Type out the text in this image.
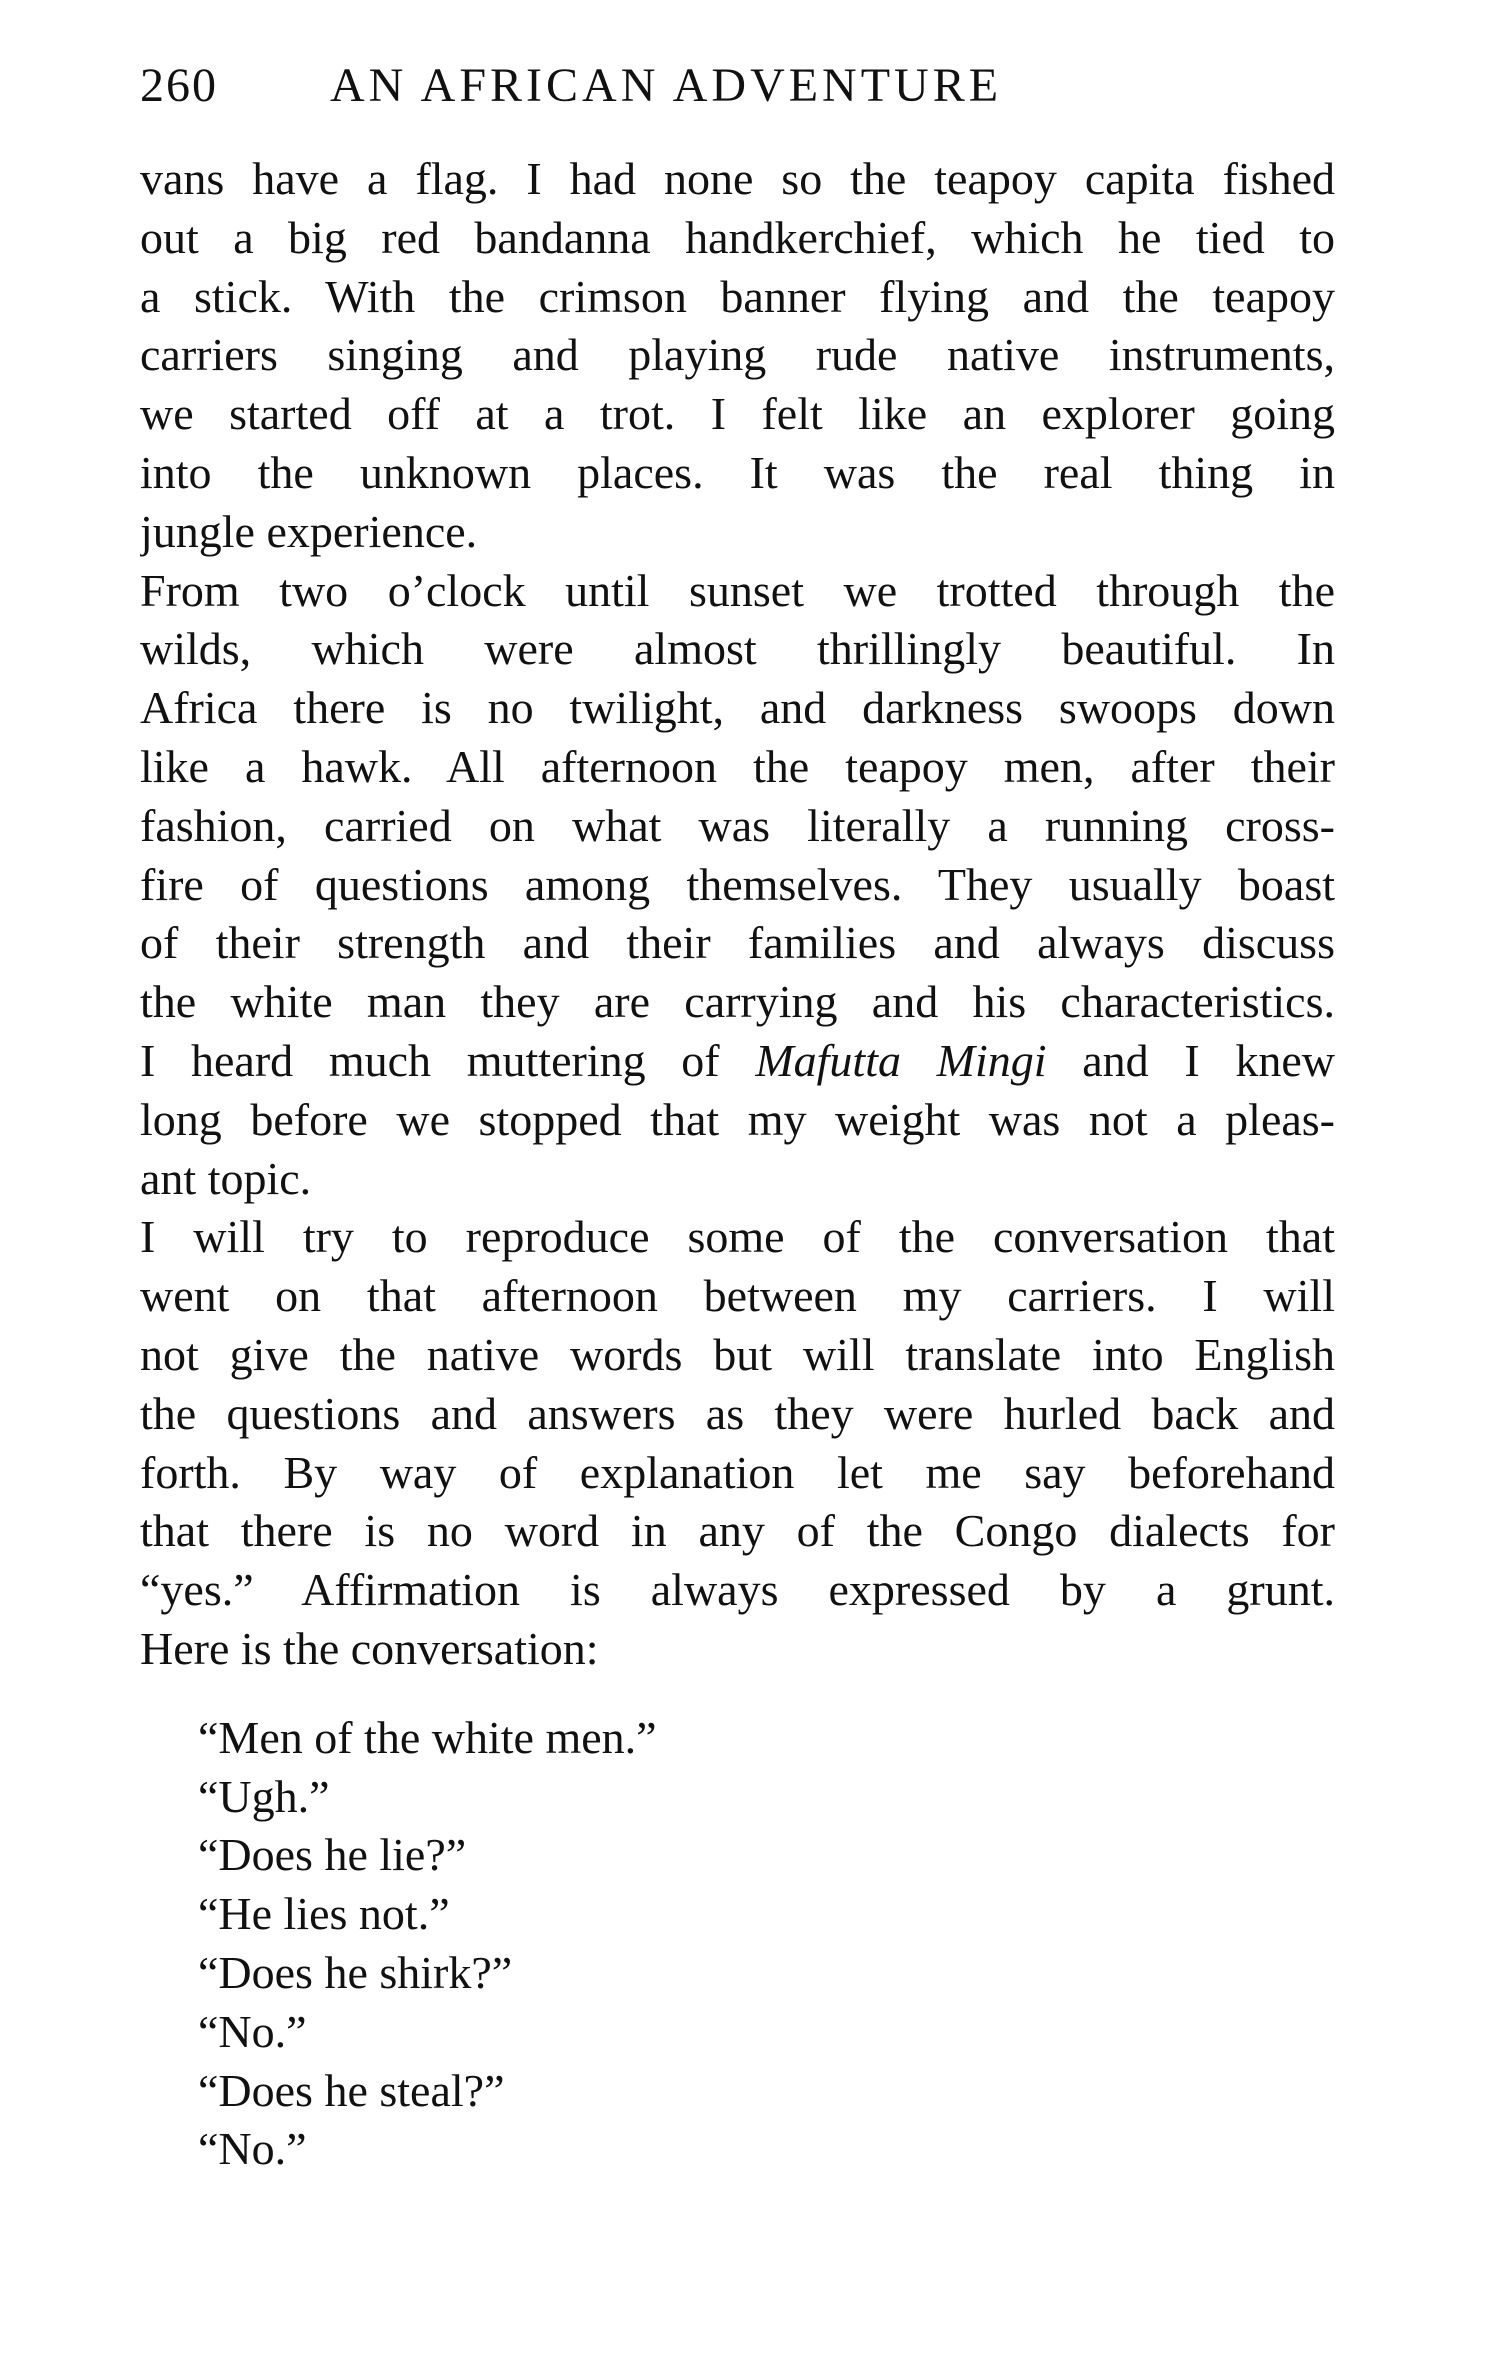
260 AN AFRICAN ADVENTURE
vans have a flag. I had none so the teapoy capita fished
out a big red bandanna handkerchief, which he tied to
a stick. With the crimson banner flying and the teapoy
carriers singing and playing rude native instruments,
we started off at a trot. I felt like an explorer going
into the unknown places. It was the real thing in
jungle experience.
From two o’clock until sunset we trotted through the
wilds, which were almost thrillingly beautiful. In
Africa there is no twilight, and darkness swoops down
like a hawk. All afternoon the teapoy men, after their
fashion, carried on what was literally a running cross-
fire of questions among themselves. They usually boast
of their strength and their families and always discuss
the white man they are carrying and his characteristics.
I heard much muttering of Mafutta Mingi and I knew
long before we stopped that my weight was not a pleas-
ant topic.
I will try to reproduce some of the conversation that
went on that afternoon between my carriers. I will
not give the native words but will translate into English
the questions and answers as they were hurled back and
forth. By way of explanation let me say beforehand
that there is no word in any of the Congo dialects for
“yes.” Affirmation is always expressed by a grunt.
Here is the conversation:
“Men of the white men.”
“Ugh.”
“Does he lie?”
“He lies not.”
“Does he shirk?”
“No.”
“Does he steal?”
“No.”
